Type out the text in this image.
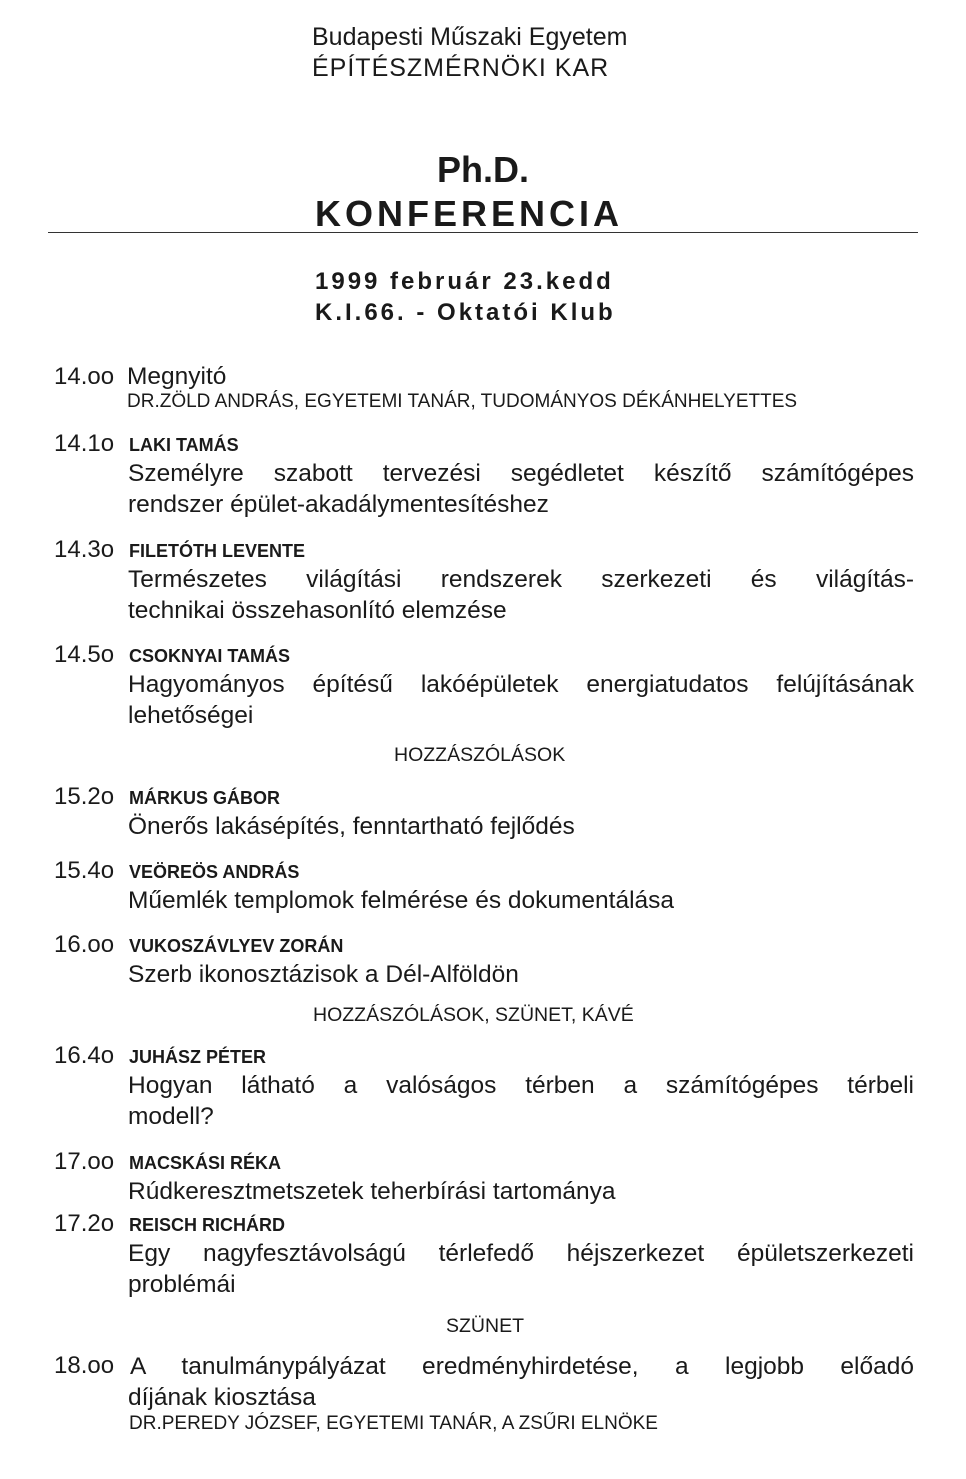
Budapesti Műszaki Egyetem
ÉPÍTÉSZMÉRNÖKI KAR
Ph.D.
KONFERENCIA
1999 február 23.kedd
K.I.66. - Oktatói Klub
14.oo Megnyitó
DR.ZÖLD ANDRÁS, EGYETEMI TANÁR, TUDOMÁNYOS DÉKÁNHELYETTES
14.1o LAKI TAMÁS
Személyre szabott tervezési segédletet készítő számítógépes
rendszer épület-akadálymentesítéshez
14.3o FILETÓTH LEVENTE
Természetes világítási rendszerek szerkezeti és világítás-
technikai összehasonlító elemzése
14.5o CSOKNYAI TAMÁS
Hagyományos építésű lakóépületek energiatudatos felújításának
lehetőségei
HOZZÁSZÓLÁSOK
15.2o MÁRKUS GÁBOR
Önerős lakásépítés, fenntartható fejlődés
15.4o VEÖREÖS ANDRÁS
Műemlék templomok felmérése és dokumentálása
16.oo VUKOSZÁVLYEV ZORÁN
Szerb ikonosztázisok a Dél-Alföldön
HOZZÁSZÓLÁSOK, SZÜNET, KÁVÉ
16.4o JUHÁSZ PÉTER
Hogyan látható a valóságos térben a számítógépes térbeli
modell?
17.oo MACSKÁSI RÉKA
Rúdkeresztmetszetek teherbírási tartománya
17.2o REISCH RICHÁRD
Egy nagyfesztávolságú térlefedő héjszerkezet épületszerkezeti
problémái
SZÜNET
18.oo A tanulmánypályázat eredményhirdetése, a legjobb előadó
díjának kiosztása
DR.PEREDY JÓZSEF, EGYETEMI TANÁR, A ZSŰRI ELNÖKE
